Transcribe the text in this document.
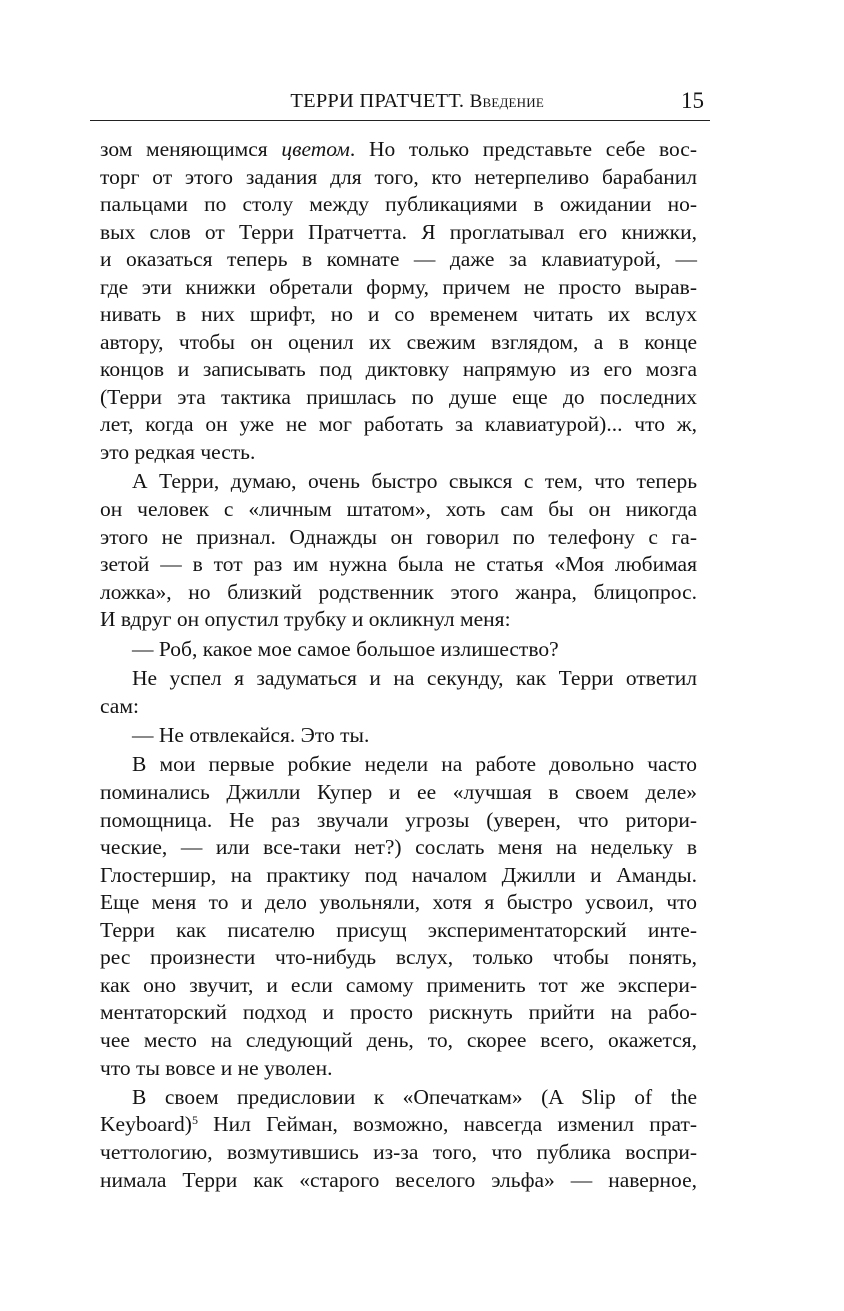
ТЕРРИ ПРАТЧЕТТ. Введение	15
зом меняющимся цветом. Но только представьте себе вос-
торг от этого задания для того, кто нетерпеливо барабанил
пальцами по столу между публикациями в ожидании но-
вых слов от Терри Пратчетта. Я проглатывал его книжки,
и оказаться теперь в комнате — даже за клавиатурой, —
где эти книжки обретали форму, причем не просто вырав-
нивать в них шрифт, но и со временем читать их вслух
автору, чтобы он оценил их свежим взглядом, а в конце
концов и записывать под диктовку напрямую из его мозга
(Терри эта тактика пришлась по душе еще до последних
лет, когда он уже не мог работать за клавиатурой)... что ж,
это редкая честь.
А Терри, думаю, очень быстро свыкся с тем, что теперь
он человек с «личным штатом», хоть сам бы он никогда
этого не признал. Однажды он говорил по телефону с га-
зетой — в тот раз им нужна была не статья «Моя любимая
ложка», но близкий родственник этого жанра, блицопрос.
И вдруг он опустил трубку и окликнул меня:
— Роб, какое мое самое большое излишество?
Не успел я задуматься и на секунду, как Терри ответил
сам:
— Не отвлекайся. Это ты.
В мои первые робкие недели на работе довольно часто
поминались Джилли Купер и ее «лучшая в своем деле»
помощница. Не раз звучали угрозы (уверен, что ритори-
ческие, — или все-таки нет?) сослать меня на недельку в
Глостершир, на практику под началом Джилли и Аманды.
Еще меня то и дело увольняли, хотя я быстро усвоил, что
Терри как писателю присущ экспериментаторский инте-
рес произнести что-нибудь вслух, только чтобы понять,
как оно звучит, и если самому применить тот же экспери-
ментаторский подход и просто рискнуть прийти на рабо-
чее место на следующий день, то, скорее всего, окажется,
что ты вовсе и не уволен.
В своем предисловии к «Опечаткам» (A Slip of the
Keyboard)$^5$ Нил Гейман, возможно, навсегда изменил прат-
четтологию, возмутившись из-за того, что публика воспри-
нимала Терри как «старого веселого эльфа» — наверное,
